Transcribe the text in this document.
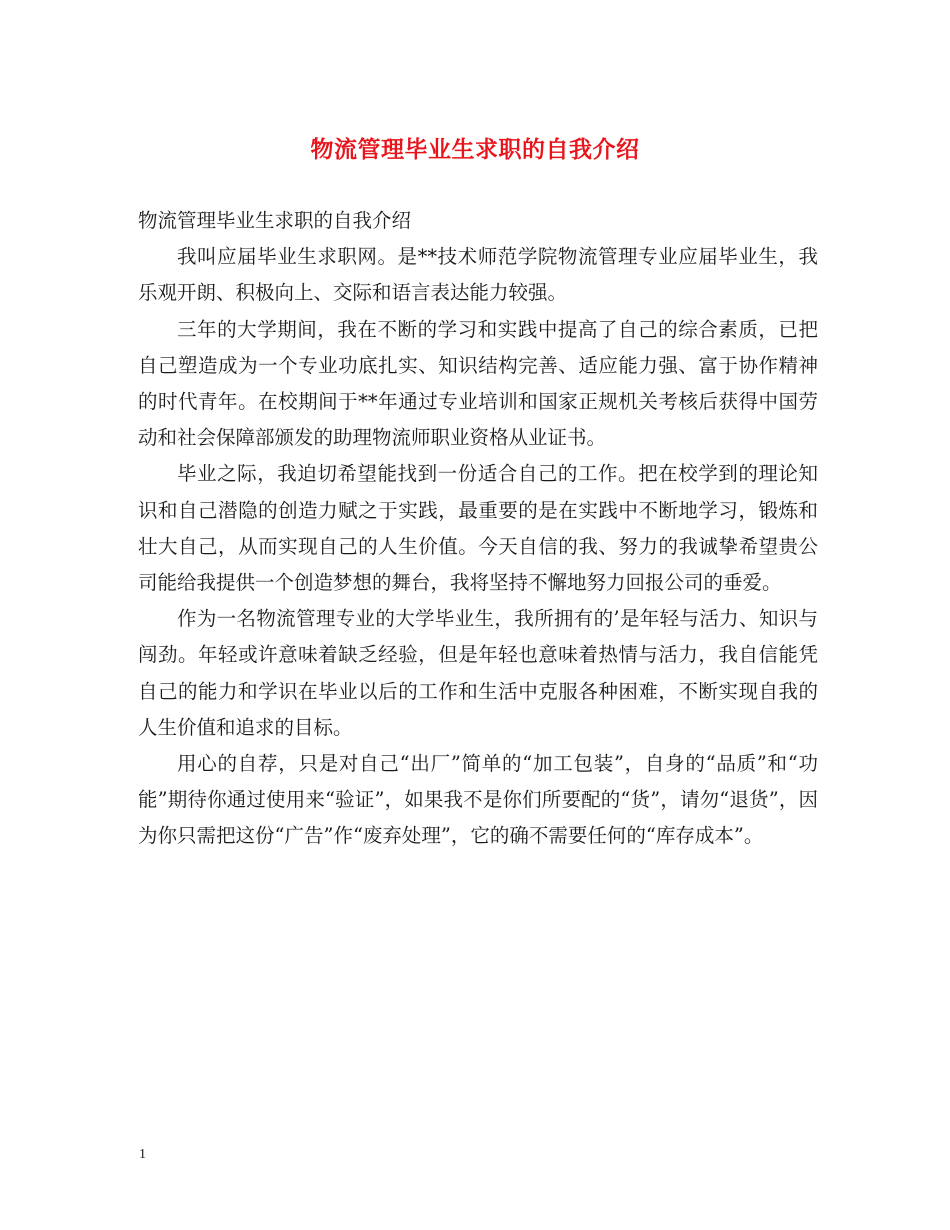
物流管理毕业生求职的自我介绍

物流管理毕业生求职的自我介绍

我叫应届毕业生求职网。是**技术师范学院物流管理专业应届毕业生，我乐观开朗、积极向上、交际和语言表达能力较强。

三年的大学期间，我在不断的学习和实践中提高了自己的综合素质，已把自己塑造成为一个专业功底扎实、知识结构完善、适应能力强、富于协作精神的时代青年。在校期间于**年通过专业培训和国家正规机关考核后获得中国劳动和社会保障部颁发的助理物流师职业资格从业证书。

毕业之际，我迫切希望能找到一份适合自己的工作。把在校学到的理论知识和自己潜隐的创造力赋之于实践，最重要的是在实践中不断地学习，锻炼和壮大自己，从而实现自己的人生价值。今天自信的我、努力的我诚挚希望贵公司能给我提供一个创造梦想的舞台，我将坚持不懈地努力回报公司的垂爱。

作为一名物流管理专业的大学毕业生，我所拥有的’是年轻与活力、知识与闯劲。年轻或许意味着缺乏经验，但是年轻也意味着热情与活力，我自信能凭自己的能力和学识在毕业以后的工作和生活中克服各种困难，不断实现自我的人生价值和追求的目标。

用心的自荐，只是对自己“出厂”简单的“加工包装”，自身的“品质”和“功能”期待你通过使用来“验证”，如果我不是你们所要配的“货”，请勿“退货”，因为你只需把这份“广告”作“废弃处理”，它的确不需要任何的“库存成本”。

1
